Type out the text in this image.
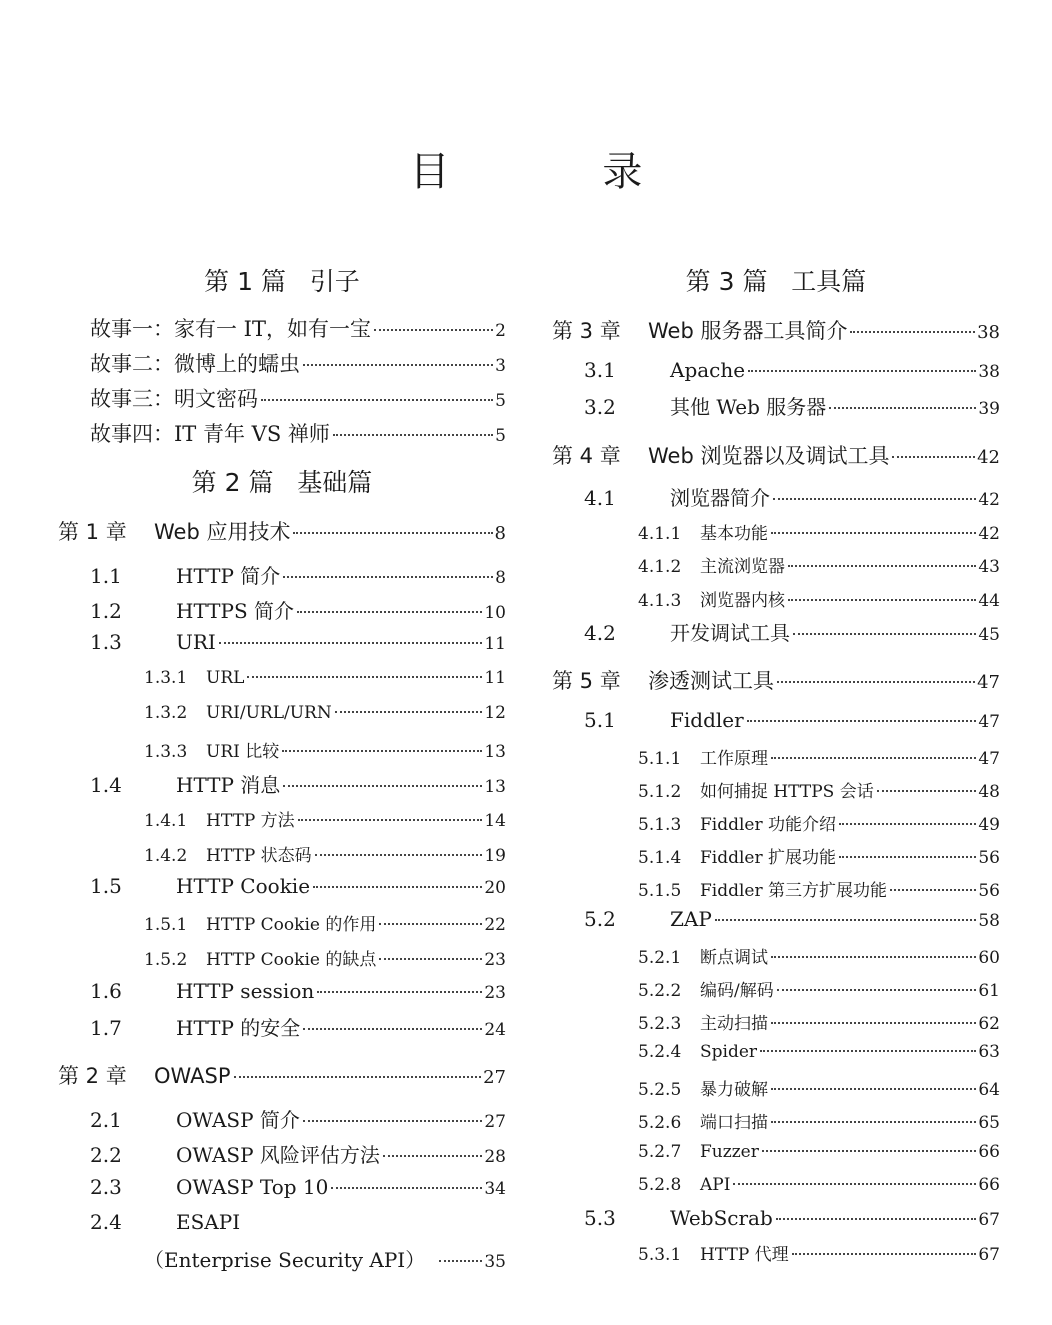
目 录
第 1 篇   引子
故事一：家有一 IT，如有一宝	2
故事二：微博上的蠕虫	3
故事三：明文密码	5
故事四：IT 青年 VS 禅师	5
第 2 篇   基础篇
第 1 章	Web 应用技术	8
1.1	HTTP 简介	8
1.2	HTTPS 简介	10
1.3	URI	11
1.3.1	URL	11
1.3.2	URI/URL/URN	12
1.3.3	URI 比较	13
1.4	HTTP 消息	13
1.4.1	HTTP 方法	14
1.4.2	HTTP 状态码	19
1.5	HTTP Cookie	20
1.5.1	HTTP Cookie 的作用	22
1.5.2	HTTP Cookie 的缺点	23
1.6	HTTP session	23
1.7	HTTP 的安全	24
第 2 章	OWASP	27
2.1	OWASP 简介	27
2.2	OWASP 风险评估方法	28
2.3	OWASP Top 10	34
2.4	ESAPI
（Enterprise Security API）	35
第 3 篇   工具篇
第 3 章	Web 服务器工具简介	38
3.1	Apache	38
3.2	其他 Web 服务器	39
第 4 章	Web 浏览器以及调试工具	42
4.1	浏览器简介	42
4.1.1	基本功能	42
4.1.2	主流浏览器	43
4.1.3	浏览器内核	44
4.2	开发调试工具	45
第 5 章	渗透测试工具	47
5.1	Fiddler	47
5.1.1	工作原理	47
5.1.2	如何捕捉 HTTPS 会话	48
5.1.3	Fiddler 功能介绍	49
5.1.4	Fiddler 扩展功能	56
5.1.5	Fiddler 第三方扩展功能	56
5.2	ZAP	58
5.2.1	断点调试	60
5.2.2	编码/解码	61
5.2.3	主动扫描	62
5.2.4	Spider	63
5.2.5	暴力破解	64
5.2.6	端口扫描	65
5.2.7	Fuzzer	66
5.2.8	API	66
5.3	WebScrab	67
5.3.1	HTTP 代理	67
